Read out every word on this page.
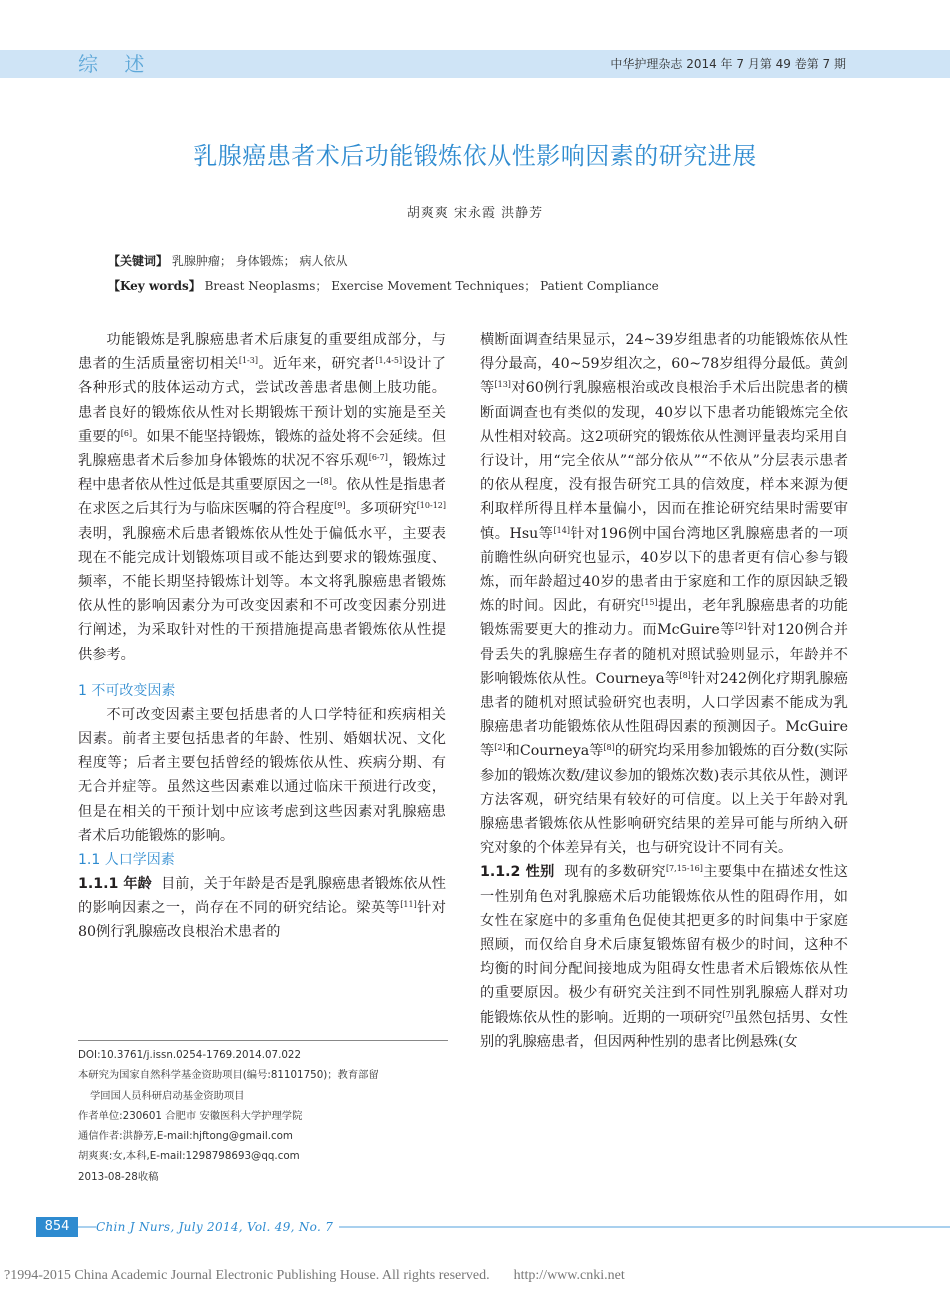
综 述	中华护理杂志 2014 年 7 月第 49 卷第 7 期
乳腺癌患者术后功能锻炼依从性影响因素的研究进展
胡爽爽 宋永霞 洪静芳
【关键词】 乳腺肿瘤； 身体锻炼； 病人依从
【Key words】 Breast Neoplasms； Exercise Movement Techniques； Patient Compliance

功能锻炼是乳腺癌患者术后康复的重要组成部分，与患者的生活质量密切相关[1-3]。近年来，研究者[1,4-5]设计了各种形式的肢体运动方式，尝试改善患者患侧上肢功能。患者良好的锻炼依从性对长期锻炼干预计划的实施是至关重要的[6]。如果不能坚持锻炼，锻炼的益处将不会延续。但乳腺癌患者术后参加身体锻炼的状况不容乐观[6-7]，锻炼过程中患者依从性过低是其重要原因之一[8]。依从性是指患者在求医之后其行为与临床医嘱的符合程度[9]。多项研究[10-12]表明，乳腺癌术后患者锻炼依从性处于偏低水平，主要表现在不能完成计划锻炼项目或不能达到要求的锻炼强度、频率，不能长期坚持锻炼计划等。本文将乳腺癌患者锻炼依从性的影响因素分为可改变因素和不可改变因素分别进行阐述，为采取针对性的干预措施提高患者锻炼依从性提供参考。

1 不可改变因素

不可改变因素主要包括患者的人口学特征和疾病相关因素。前者主要包括患者的年龄、性别、婚姻状况、文化程度等；后者主要包括曾经的锻炼依从性、疾病分期、有无合并症等。虽然这些因素难以通过临床干预进行改变，但是在相关的干预计划中应该考虑到这些因素对乳腺癌患者术后功能锻炼的影响。

1.1 人口学因素

1.1.1 年龄 目前，关于年龄是否是乳腺癌患者锻炼依从性的影响因素之一，尚存在不同的研究结论。梁英等[11]针对80例行乳腺癌改良根治术患者的

横断面调查结果显示，24~39岁组患者的功能锻炼依从性得分最高，40~59岁组次之，60~78岁组得分最低。黄剑等[13]对60例行乳腺癌根治或改良根治手术后出院患者的横断面调查也有类似的发现，40岁以下患者功能锻炼完全依从性相对较高。这2项研究的锻炼依从性测评量表均采用自行设计，用“完全依从”“部分依从”“不依从”分层表示患者的依从程度，没有报告研究工具的信效度，样本来源为便利取样所得且样本量偏小，因而在推论研究结果时需要审慎。Hsu等[14]针对196例中国台湾地区乳腺癌患者的一项前瞻性纵向研究也显示，40岁以下的患者更有信心参与锻炼，而年龄超过40岁的患者由于家庭和工作的原因缺乏锻炼的时间。因此，有研究[15]提出，老年乳腺癌患者的功能锻炼需要更大的推动力。而McGuire等[2]针对120例合并骨丢失的乳腺癌生存者的随机对照试验则显示，年龄并不影响锻炼依从性。Courneya等[8]针对242例化疗期乳腺癌患者的随机对照试验研究也表明，人口学因素不能成为乳腺癌患者功能锻炼依从性阻碍因素的预测因子。McGuire等[2]和Courneya等[8]的研究均采用参加锻炼的百分数(实际参加的锻炼次数/建议参加的锻炼次数)表示其依从性，测评方法客观，研究结果有较好的可信度。以上关于年龄对乳腺癌患者锻炼依从性影响研究结果的差异可能与所纳入研究对象的个体差异有关，也与研究设计不同有关。

1.1.2 性别 现有的多数研究[7,15-16]主要集中在描述女性这一性别角色对乳腺癌术后功能锻炼依从性的阻碍作用，如女性在家庭中的多重角色促使其把更多的时间集中于家庭照顾，而仅给自身术后康复锻炼留有极少的时间，这种不均衡的时间分配间接地成为阻碍女性患者术后锻炼依从性的重要原因。极少有研究关注到不同性别乳腺癌人群对功能锻炼依从性的影响。近期的一项研究[7]虽然包括男、女性别的乳腺癌患者，但因两种性别的患者比例悬殊(女

DOI:10.3761/j.issn.0254-1769.2014.07.022
本研究为国家自然科学基金资助项目(编号:81101750)；教育部留
学回国人员科研启动基金资助项目
作者单位:230601 合肥市 安徽医科大学护理学院
通信作者:洪静芳,E-mail:hjftong@gmail.com
胡爽爽:女,本科,E-mail:1298798693@qq.com
2013-08-28收稿
854	Chin J Nurs, July 2014, Vol. 49, No. 7
?1994-2015 China Academic Journal Electronic Publishing House. All rights reserved. http://www.cnki.net
